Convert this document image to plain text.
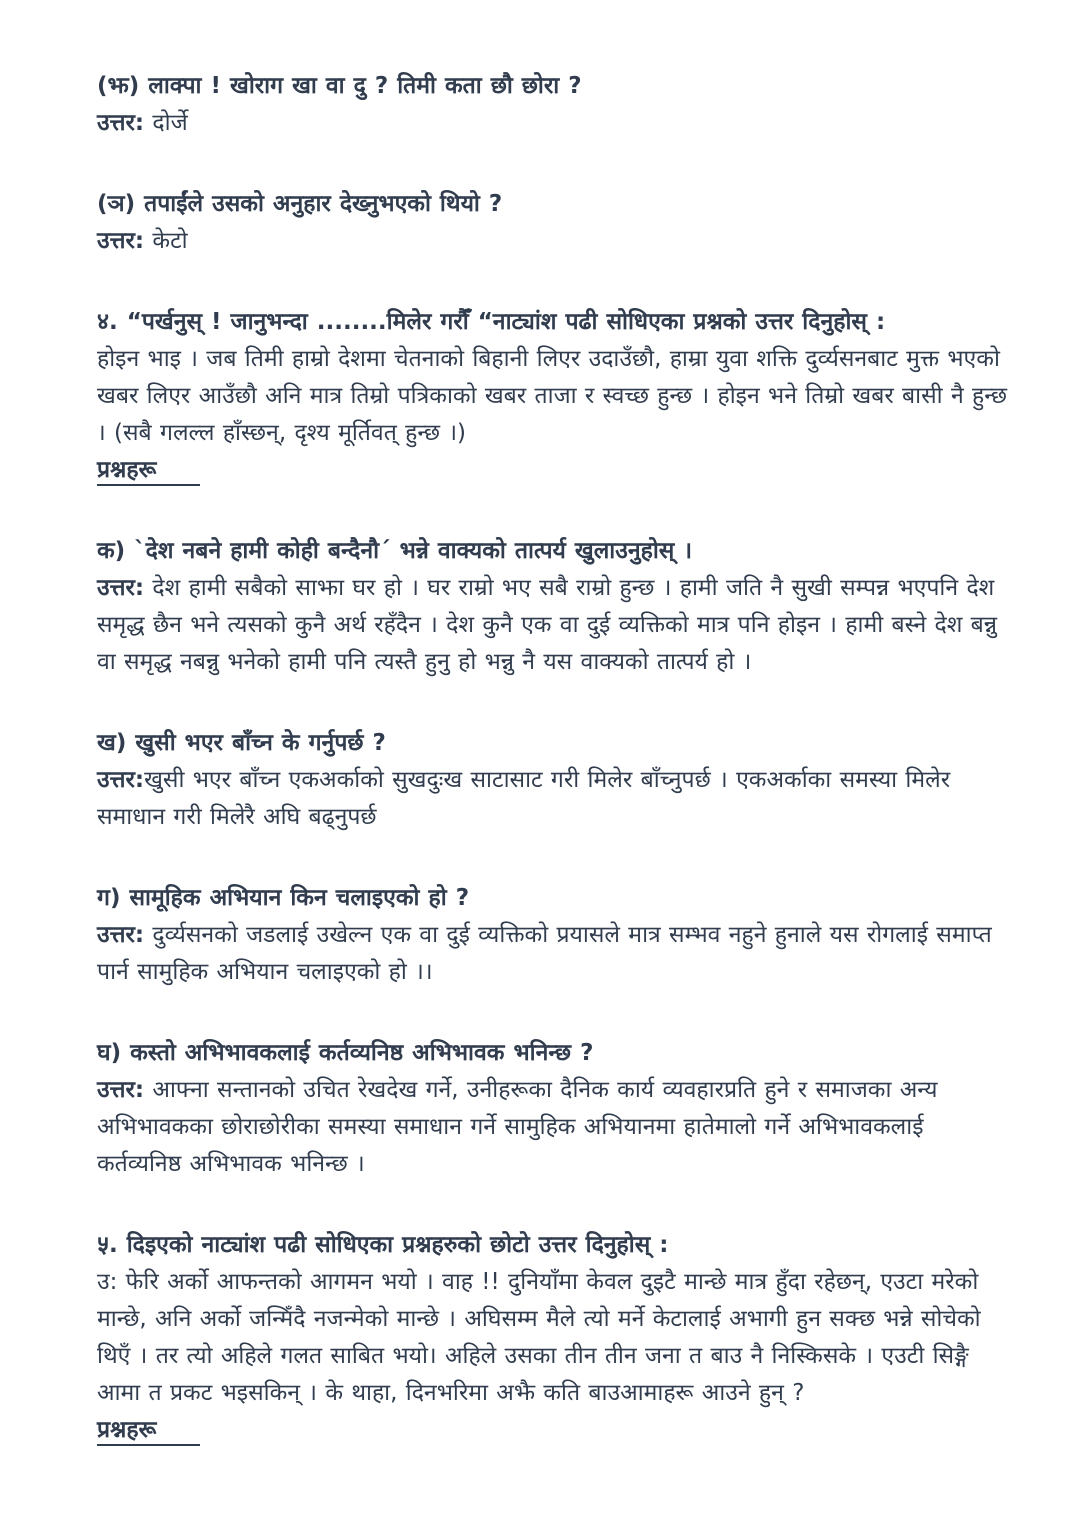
(झ) लाक्पा ! खोराग खा वा दु ? तिमी कता छौ छोरा ?

उत्तर: दोर्जे

(ञ) तपाईंले उसको अनुहार देख्नुभएको थियो ?

उत्तर: केटो

४. “पर्खनुस् ! जानुभन्दा ........मिलेर गरौँ “नाट्यांश पढी सोधिएका प्रश्नको उत्तर दिनुहोस् :

होइन भाइ । जब तिमी हाम्रो देशमा चेतनाको बिहानी लिएर उदाउँछौ, हाम्रा युवा शक्ति दुर्व्यसनबाट मुक्त भएको खबर लिएर आउँछौ अनि मात्र तिम्रो पत्रिकाको खबर ताजा र स्वच्छ हुन्छ । होइन भने तिम्रो खबर बासी नै हुन्छ । (सबै गलल्ल हाँस्छन्, दृश्य मूर्तिवत् हुन्छ ।)

प्रश्नहरू

क) `देश नबने हामी कोही बन्दैनौ´ भन्ने वाक्यको तात्पर्य खुलाउनुहोस् ।

उत्तर: देश हामी सबैको साझा घर हो । घर राम्रो भए सबै राम्रो हुन्छ । हामी जति नै सुखी सम्पन्न भएपनि देश समृद्ध छैन भने त्यसको कुनै अर्थ रहँदैन । देश कुनै एक वा दुई व्यक्तिको मात्र पनि होइन । हामी बस्ने देश बन्नु वा समृद्ध नबन्नु भनेको हामी पनि त्यस्तै हुनु हो भन्नु नै यस वाक्यको तात्पर्य हो ।

ख) खुसी भएर बाँच्न के गर्नुपर्छ ?

उत्तर:खुसी भएर बाँच्न एकअर्काको सुखदुःख साटासाट गरी मिलेर बाँच्नुपर्छ । एकअर्काका समस्या मिलेर समाधान गरी मिलेरै अघि बढ्नुपर्छ

ग) सामूहिक अभियान किन चलाइएको हो ?

उत्तर: दुर्व्यसनको जडलाई उखेल्न एक वा दुई व्यक्तिको प्रयासले मात्र सम्भव नहुने हुनाले यस रोगलाई समाप्त पार्न सामुहिक अभियान चलाइएको हो ।।

घ) कस्तो अभिभावकलाई कर्तव्यनिष्ठ अभिभावक भनिन्छ ?

उत्तर: आफ्ना सन्तानको उचित रेखदेख गर्ने, उनीहरूका दैनिक कार्य व्यवहारप्रति हुने र समाजका अन्य अभिभावकका छोराछोरीका समस्या समाधान गर्ने सामुहिक अभियानमा हातेमालो गर्ने अभिभावकलाई कर्तव्यनिष्ठ अभिभावक भनिन्छ ।

५. दिइएको नाट्यांश पढी सोधिएका प्रश्नहरुको छोटो उत्तर दिनुहोस् :

उ: फेरि अर्को आफन्तको आगमन भयो । वाह !! दुनियाँमा केवल दुइटै मान्छे मात्र हुँदा रहेछन्, एउटा मरेको मान्छे, अनि अर्को जन्मिँदै नजन्मेको मान्छे । अघिसम्म मैले त्यो मर्ने केटालाई अभागी हुन सक्छ भन्ने सोचेको थिएँ । तर त्यो अहिले गलत साबित भयो। अहिले उसका तीन तीन जना त बाउ नै निस्किसके । एउटी सिङ्गै आमा त प्रकट भइसकिन् । के थाहा, दिनभरिमा अझै कति बाउआमाहरू आउने हुन् ?

प्रश्नहरू
